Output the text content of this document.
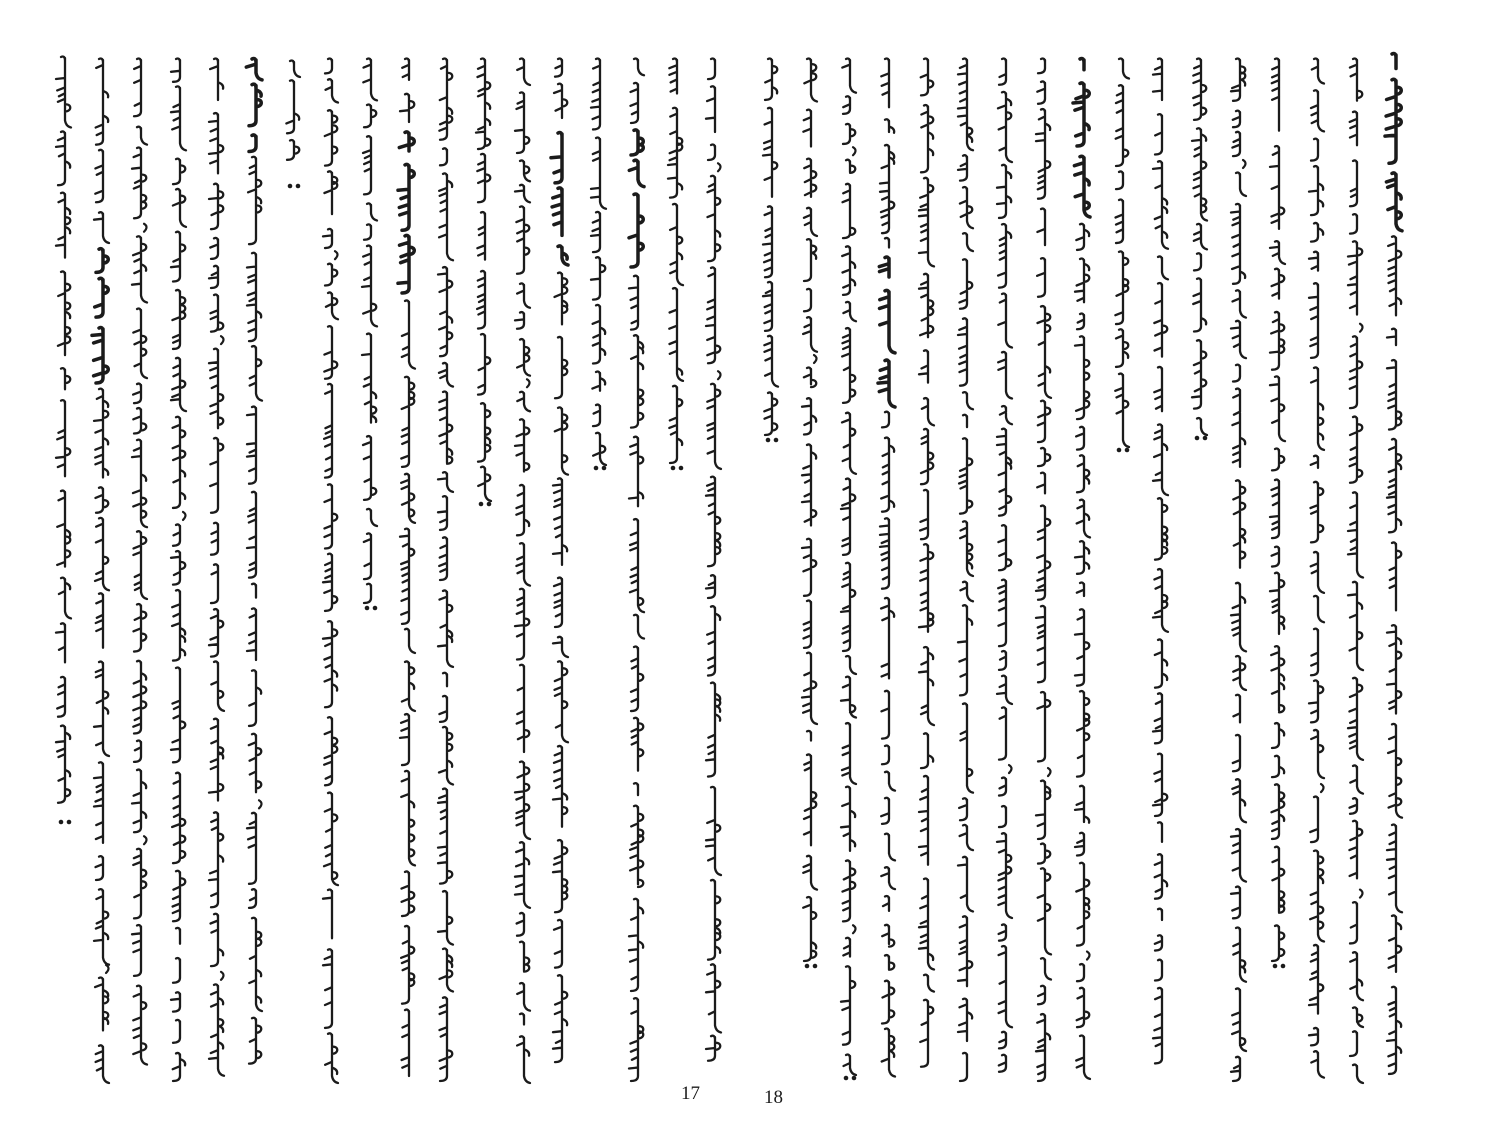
17	18
